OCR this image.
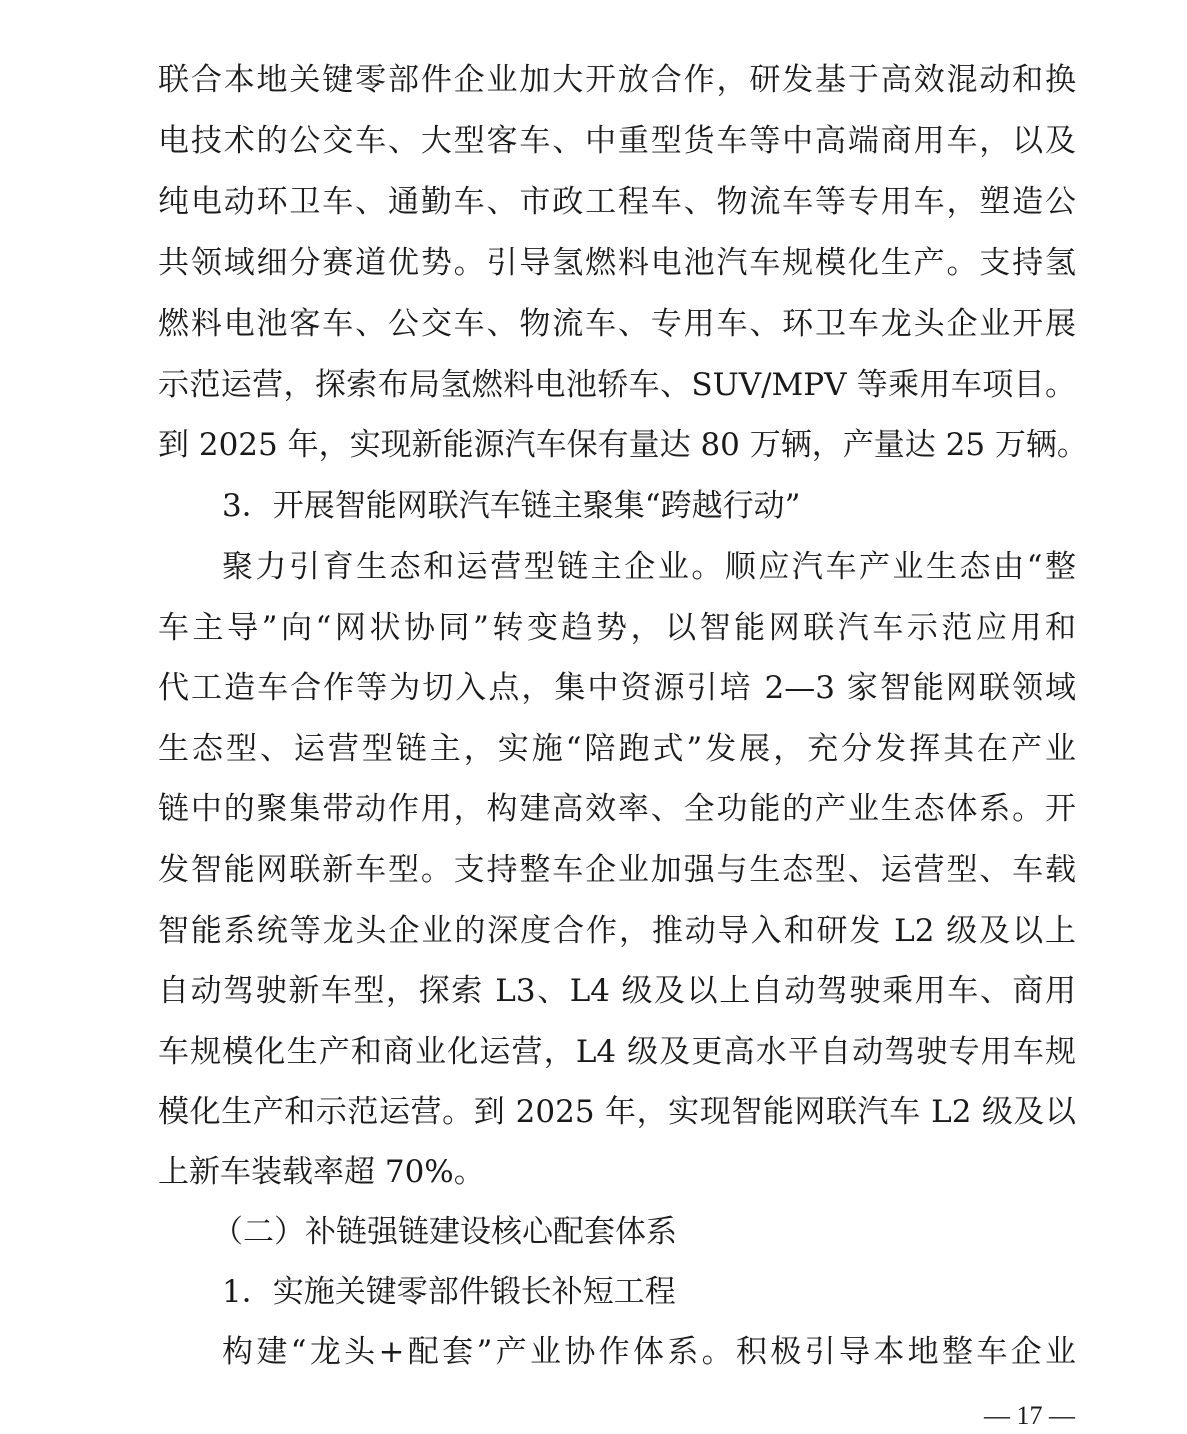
联合本地关键零部件企业加大开放合作，研发基于高效混动和换
电技术的公交车、大型客车、中重型货车等中高端商用车，以及
纯电动环卫车、通勤车、市政工程车、物流车等专用车，塑造公
共领域细分赛道优势。引导氢燃料电池汽车规模化生产。支持氢
燃料电池客车、公交车、物流车、专用车、环卫车龙头企业开展
示范运营，探索布局氢燃料电池轿车、SUV/MPV 等乘用车项目。
到 2025 年，实现新能源汽车保有量达 80 万辆，产量达 25 万辆。
3．开展智能网联汽车链主聚集“跨越行动”
聚力引育生态和运营型链主企业。顺应汽车产业生态由“整
车主导”向“网状协同”转变趋势，以智能网联汽车示范应用和
代工造车合作等为切入点，集中资源引培 2—3 家智能网联领域
生态型、运营型链主，实施“陪跑式”发展，充分发挥其在产业
链中的聚集带动作用，构建高效率、全功能的产业生态体系。开
发智能网联新车型。支持整车企业加强与生态型、运营型、车载
智能系统等龙头企业的深度合作，推动导入和研发 L2 级及以上
自动驾驶新车型，探索 L3、L4 级及以上自动驾驶乘用车、商用
车规模化生产和商业化运营，L4 级及更高水平自动驾驶专用车规
模化生产和示范运营。到 2025 年，实现智能网联汽车 L2 级及以
上新车装载率超 70%。
（二）补链强链建设核心配套体系
1．实施关键零部件锻长补短工程
构建“龙头+配套”产业协作体系。积极引导本地整车企业
— 17 —
